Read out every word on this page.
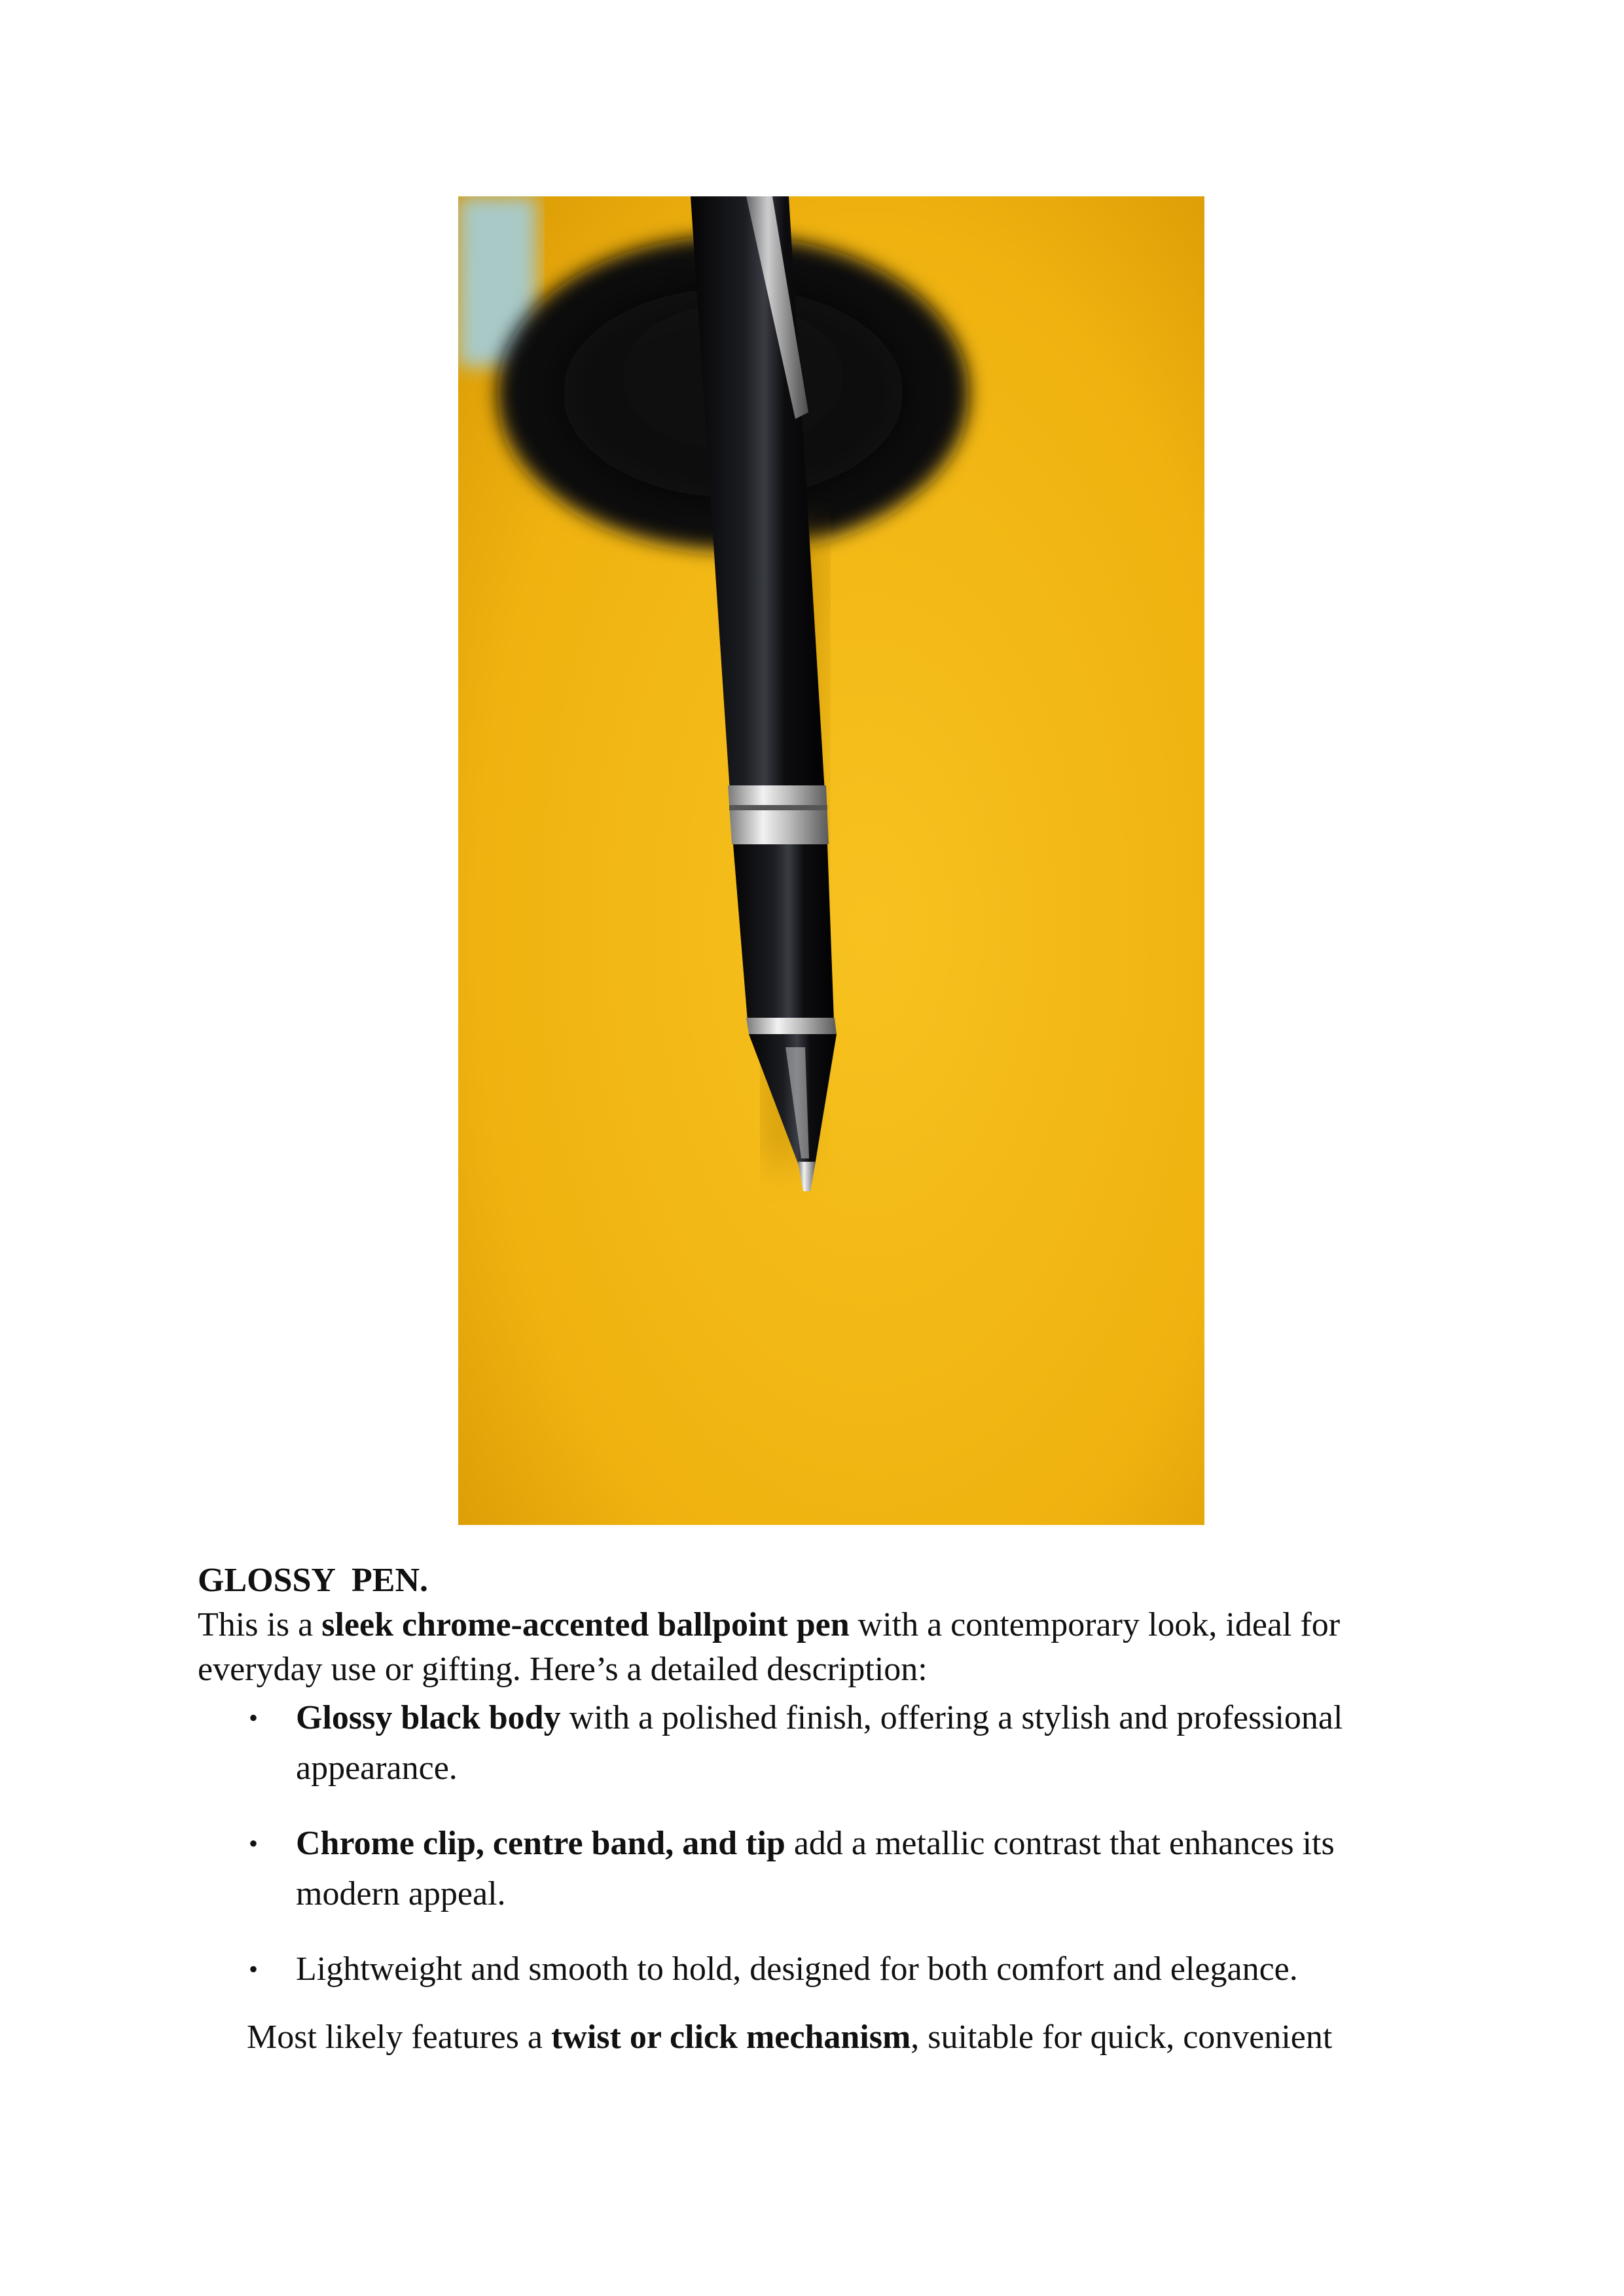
GLOSSY  PEN.

This is a sleek chrome-accented ballpoint pen with a contemporary look, ideal for everyday use or gifting. Here’s a detailed description:

• Glossy black body with a polished finish, offering a stylish and professional appearance.
• Chrome clip, centre band, and tip add a metallic contrast that enhances its modern appeal.
• Lightweight and smooth to hold, designed for both comfort and elegance.

Most likely features a twist or click mechanism, suitable for quick, convenient
